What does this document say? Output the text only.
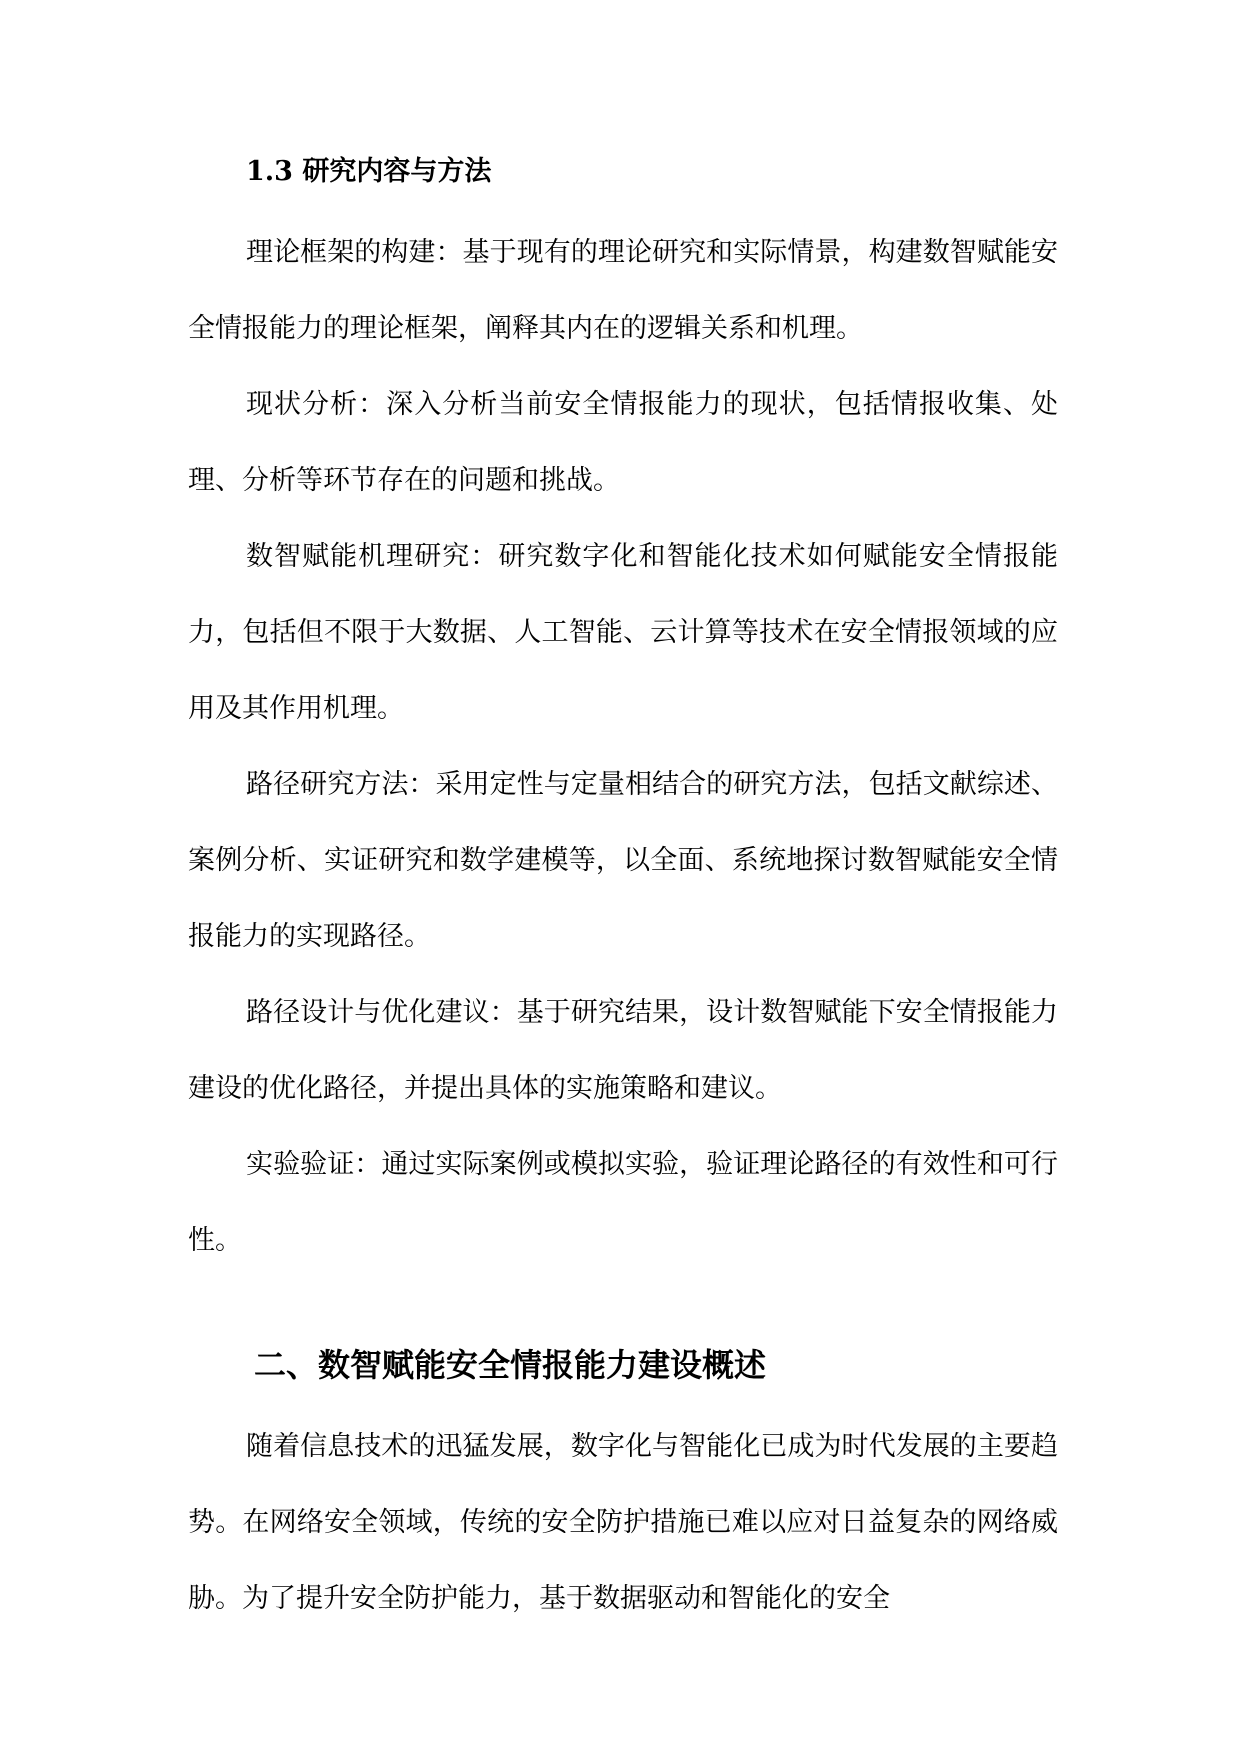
1.3 研究内容与方法

理论框架的构建：基于现有的理论研究和实际情景，构建数智赋能安全情报能力的理论框架，阐释其内在的逻辑关系和机理。

现状分析：深入分析当前安全情报能力的现状，包括情报收集、处理、分析等环节存在的问题和挑战。

数智赋能机理研究：研究数字化和智能化技术如何赋能安全情报能力，包括但不限于大数据、人工智能、云计算等技术在安全情报领域的应用及其作用机理。

路径研究方法：采用定性与定量相结合的研究方法，包括文献综述、案例分析、实证研究和数学建模等，以全面、系统地探讨数智赋能安全情报能力的实现路径。

路径设计与优化建议：基于研究结果，设计数智赋能下安全情报能力建设的优化路径，并提出具体的实施策略和建议。

实验验证：通过实际案例或模拟实验，验证理论路径的有效性和可行性。

二、数智赋能安全情报能力建设概述

随着信息技术的迅猛发展，数字化与智能化已成为时代发展的主要趋势。在网络安全领域，传统的安全防护措施已难以应对日益复杂的网络威胁。为了提升安全防护能力，基于数据驱动和智能化的安全
